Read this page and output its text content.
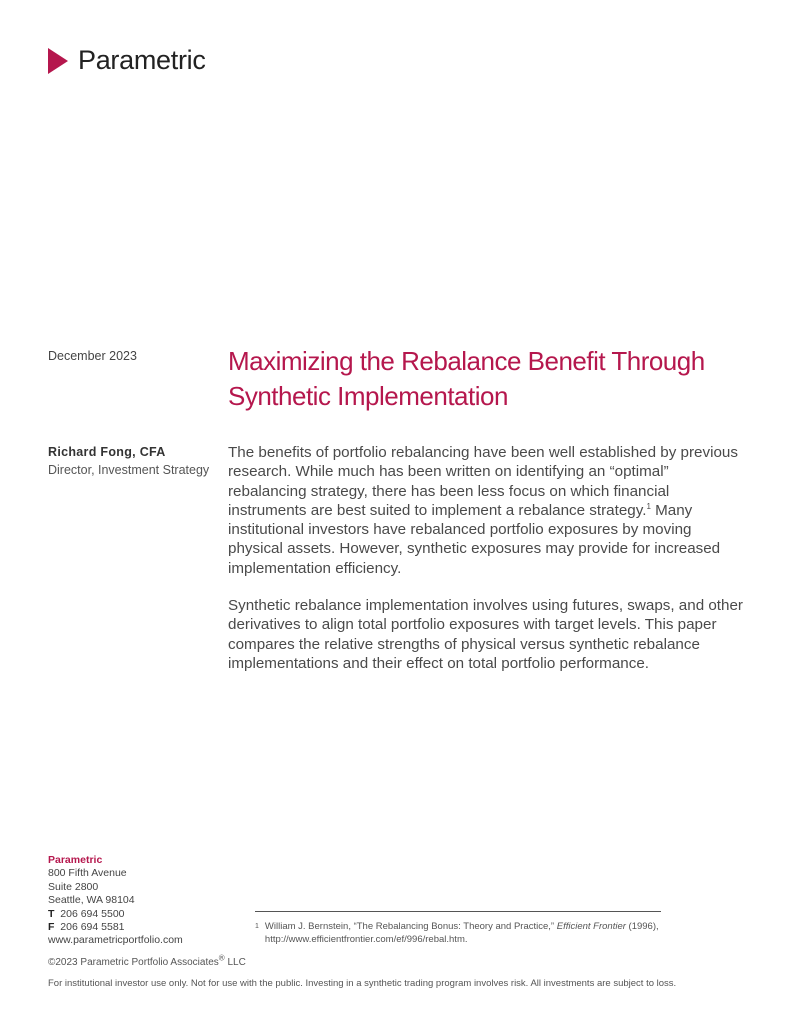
Parametric
December 2023	Maximizing the Rebalance Benefit Through Synthetic Implementation
Richard Fong, CFA
Director, Investment Strategy

The benefits of portfolio rebalancing have been well established by previous research. While much has been written on identifying an “optimal” rebalancing strategy, there has been less focus on which financial instruments are best suited to implement a rebalance strategy.$^1$ Many institutional investors have rebalanced portfolio exposures by moving physical assets. However, synthetic exposures may provide for increased implementation efficiency.

Synthetic rebalance implementation involves using futures, swaps, and other derivatives to align total portfolio exposures with target levels. This paper compares the relative strengths of physical versus synthetic rebalance implementations and their effect on total portfolio performance.

Parametric
800 Fifth Avenue
Suite 2800
Seattle, WA 98104
T 206 694 5500
F 206 694 5581
www.parametricportfolio.com
$^1$ William J. Bernstein, “The Rebalancing Bonus: Theory and Practice,” Efficient Frontier (1996), http://www.efficientfrontier.com/ef/996/rebal.htm.
©2023 Parametric Portfolio Associates® LLC
For institutional investor use only. Not for use with the public. Investing in a synthetic trading program involves risk. All investments are subject to loss.
